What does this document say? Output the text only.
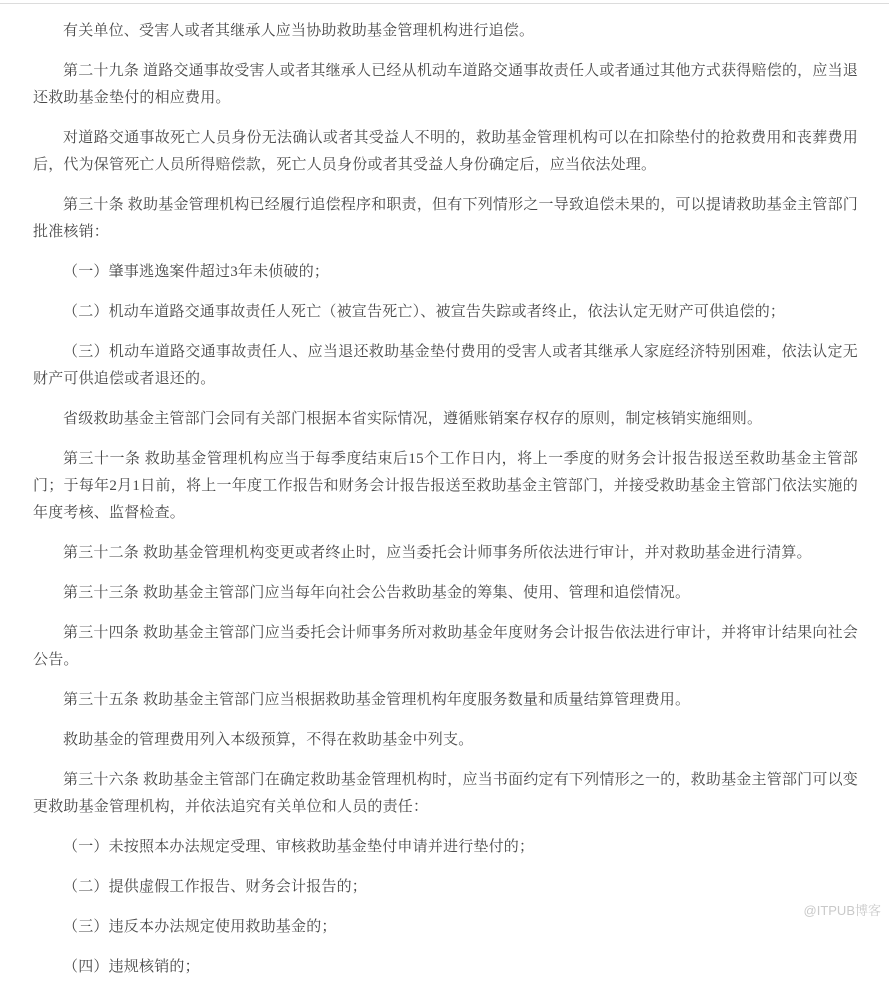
有关单位、受害人或者其继承人应当协助救助基金管理机构进行追偿。

第二十九条 道路交通事故受害人或者其继承人已经从机动车道路交通事故责任人或者通过其他方式获得赔偿的，应当退还救助基金垫付的相应费用。

对道路交通事故死亡人员身份无法确认或者其受益人不明的，救助基金管理机构可以在扣除垫付的抢救费用和丧葬费用后，代为保管死亡人员所得赔偿款，死亡人员身份或者其受益人身份确定后，应当依法处理。

第三十条 救助基金管理机构已经履行追偿程序和职责，但有下列情形之一导致追偿未果的，可以提请救助基金主管部门批准核销：

（一）肇事逃逸案件超过3年未侦破的；

（二）机动车道路交通事故责任人死亡（被宣告死亡）、被宣告失踪或者终止，依法认定无财产可供追偿的；

（三）机动车道路交通事故责任人、应当退还救助基金垫付费用的受害人或者其继承人家庭经济特别困难，依法认定无财产可供追偿或者退还的。

省级救助基金主管部门会同有关部门根据本省实际情况，遵循账销案存权存的原则，制定核销实施细则。

第三十一条 救助基金管理机构应当于每季度结束后15个工作日内，将上一季度的财务会计报告报送至救助基金主管部门；于每年2月1日前，将上一年度工作报告和财务会计报告报送至救助基金主管部门，并接受救助基金主管部门依法实施的年度考核、监督检查。

第三十二条 救助基金管理机构变更或者终止时，应当委托会计师事务所依法进行审计，并对救助基金进行清算。

第三十三条 救助基金主管部门应当每年向社会公告救助基金的筹集、使用、管理和追偿情况。

第三十四条 救助基金主管部门应当委托会计师事务所对救助基金年度财务会计报告依法进行审计，并将审计结果向社会公告。

第三十五条 救助基金主管部门应当根据救助基金管理机构年度服务数量和质量结算管理费用。

救助基金的管理费用列入本级预算，不得在救助基金中列支。

第三十六条 救助基金主管部门在确定救助基金管理机构时，应当书面约定有下列情形之一的，救助基金主管部门可以变更救助基金管理机构，并依法追究有关单位和人员的责任：

（一）未按照本办法规定受理、审核救助基金垫付申请并进行垫付的；

（二）提供虚假工作报告、财务会计报告的；

（三）违反本办法规定使用救助基金的；

（四）违规核销的；

@ITPUB博客
